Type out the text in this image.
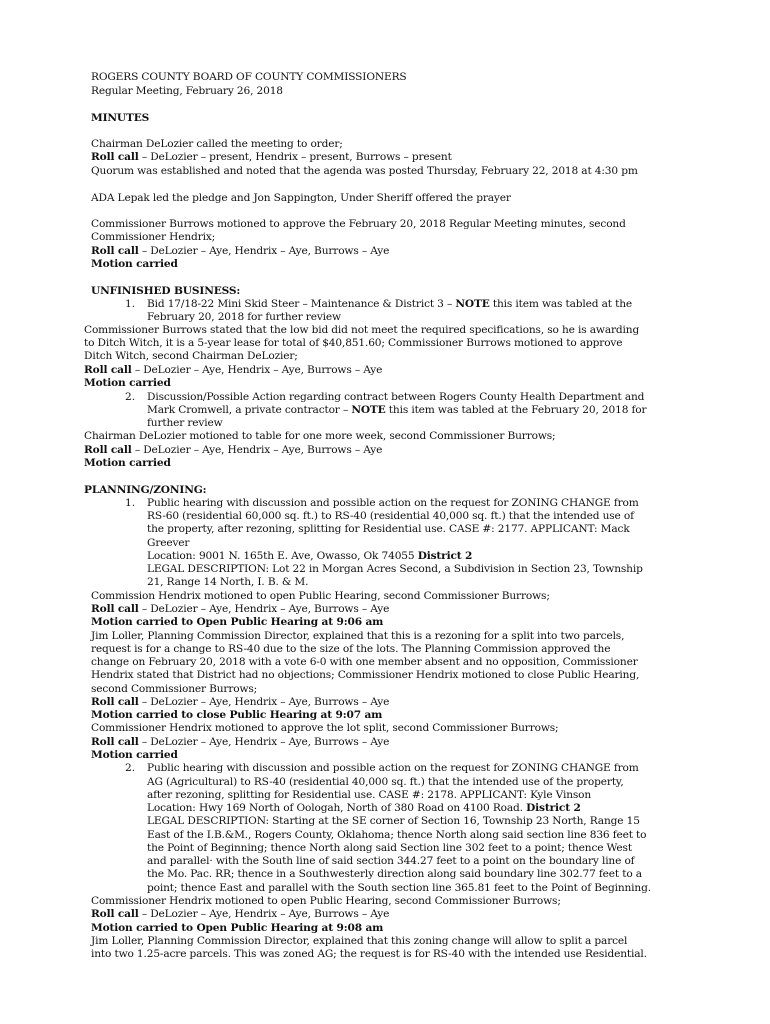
ROGERS COUNTY BOARD OF COUNTY COMMISSIONERS
Regular Meeting, February 26, 2018
MINUTES
Chairman DeLozier called the meeting to order;
Roll call – DeLozier – present, Hendrix – present, Burrows – present
Quorum was established and noted that the agenda was posted Thursday, February 22, 2018 at 4:30 pm
ADA Lepak led the pledge and Jon Sappington, Under Sheriff offered the prayer
Commissioner Burrows motioned to approve the February 20, 2018 Regular Meeting minutes, second
Commissioner Hendrix;
Roll call – DeLozier – Aye, Hendrix – Aye, Burrows – Aye
Motion carried
UNFINISHED BUSINESS:
1. Bid 17/18-22 Mini Skid Steer – Maintenance & District 3 – NOTE this item was tabled at the
February 20, 2018 for further review
Commissioner Burrows stated that the low bid did not meet the required specifications, so he is awarding
to Ditch Witch, it is a 5-year lease for total of $40,851.60; Commissioner Burrows motioned to approve
Ditch Witch, second Chairman DeLozier;
Roll call – DeLozier – Aye, Hendrix – Aye, Burrows – Aye
Motion carried
2. Discussion/Possible Action regarding contract between Rogers County Health Department and
Mark Cromwell, a private contractor – NOTE this item was tabled at the February 20, 2018 for
further review
Chairman DeLozier motioned to table for one more week, second Commissioner Burrows;
Roll call – DeLozier – Aye, Hendrix – Aye, Burrows – Aye
Motion carried
PLANNING/ZONING:
1. Public hearing with discussion and possible action on the request for ZONING CHANGE from
RS-60 (residential 60,000 sq. ft.) to RS-40 (residential 40,000 sq. ft.) that the intended use of
the property, after rezoning, splitting for Residential use. CASE #: 2177. APPLICANT: Mack
Greever
Location: 9001 N. 165th E. Ave, Owasso, Ok 74055 District 2
LEGAL DESCRIPTION: Lot 22 in Morgan Acres Second, a Subdivision in Section 23, Township
21, Range 14 North, I. B. & M.
Commission Hendrix motioned to open Public Hearing, second Commissioner Burrows;
Roll call – DeLozier – Aye, Hendrix – Aye, Burrows – Aye
Motion carried to Open Public Hearing at 9:06 am
Jim Loller, Planning Commission Director, explained that this is a rezoning for a split into two parcels,
request is for a change to RS-40 due to the size of the lots. The Planning Commission approved the
change on February 20, 2018 with a vote 6-0 with one member absent and no opposition, Commissioner
Hendrix stated that District had no objections; Commissioner Hendrix motioned to close Public Hearing,
second Commissioner Burrows;
Roll call – DeLozier – Aye, Hendrix – Aye, Burrows – Aye
Motion carried to close Public Hearing at 9:07 am
Commissioner Hendrix motioned to approve the lot split, second Commissioner Burrows;
Roll call – DeLozier – Aye, Hendrix – Aye, Burrows – Aye
Motion carried
2. Public hearing with discussion and possible action on the request for ZONING CHANGE from
AG (Agricultural) to RS-40 (residential 40,000 sq. ft.) that the intended use of the property,
after rezoning, splitting for Residential use. CASE #: 2178. APPLICANT: Kyle Vinson
Location: Hwy 169 North of Oologah, North of 380 Road on 4100 Road. District 2
LEGAL DESCRIPTION: Starting at the SE corner of Section 16, Township 23 North, Range 15
East of the I.B.&M., Rogers County, Oklahoma; thence North along said section line 836 feet to
the Point of Beginning; thence North along said Section line 302 feet to a point; thence West
and parallel· with the South line of said section 344.27 feet to a point on the boundary line of
the Mo. Pac. RR; thence in a Southwesterly direction along said boundary line 302.77 feet to a
point; thence East and parallel with the South section line 365.81 feet to the Point of Beginning.
Commissioner Hendrix motioned to open Public Hearing, second Commissioner Burrows;
Roll call – DeLozier – Aye, Hendrix – Aye, Burrows – Aye
Motion carried to Open Public Hearing at 9:08 am
Jim Loller, Planning Commission Director, explained that this zoning change will allow to split a parcel
into two 1.25-acre parcels. This was zoned AG; the request is for RS-40 with the intended use Residential.
